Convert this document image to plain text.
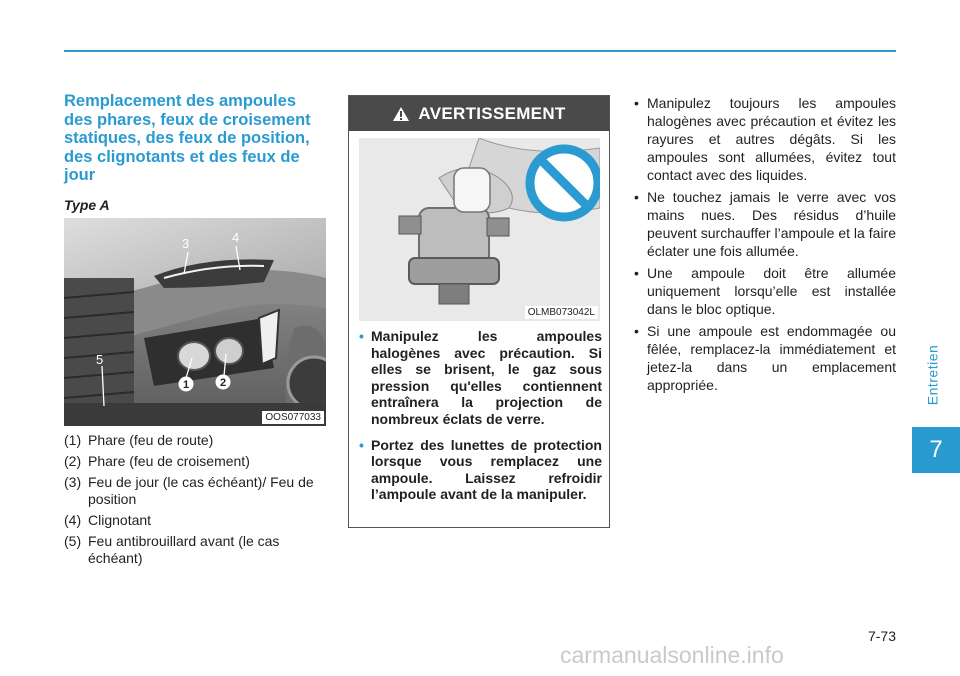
Remplacement des ampoules des phares, feux de croisement statiques, des feux de position, des clignotants et des feux de jour
Type A
3	4
5
1	2
OOS077033
(1) Phare (feu de route)
(2) Phare (feu de croisement)
(3) Feu de jour (le cas échéant)/ Feu de position
(4) Clignotant
(5) Feu antibrouillard avant (le cas échéant)
AVERTISSEMENT
OLMB073042L
• Manipulez les ampoules halogènes avec précaution. Si elles se brisent, le gaz sous pression qu'elles contiennent entraînera la projection de nombreux éclats de verre.
• Portez des lunettes de protection lorsque vous remplacez une ampoule. Laissez refroidir l’ampoule avant de la manipuler.
• Manipulez toujours les ampoules halogènes avec précaution et évitez les rayures et autres dégâts. Si les ampoules sont allumées, évitez tout contact avec des liquides.
• Ne touchez jamais le verre avec vos mains nues. Des résidus d’huile peuvent surchauffer l’ampoule et la faire éclater une fois allumée.
• Une ampoule doit être allumée uniquement lorsqu’elle est installée dans le bloc optique.
• Si une ampoule est endommagée ou fêlée, remplacez-la immédiatement et jetez-la dans un emplacement appropriée.	Entretien
7
7-73
carmanualsonline.info
